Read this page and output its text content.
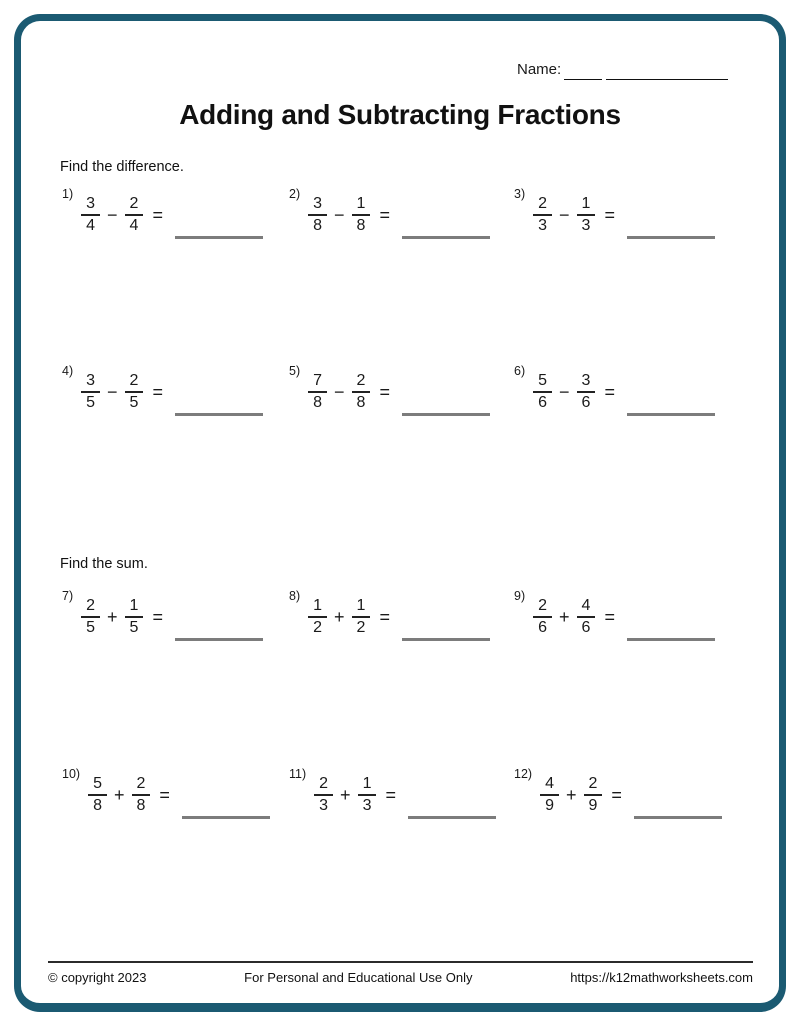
Name:
Adding and Subtracting Fractions
Find the difference.
1)
$\frac{3}{4} - \frac{2}{4}$ =
2)
$\frac{3}{8} - \frac{1}{8}$ =
3)
$\frac{2}{3} - \frac{1}{3}$ =
4)
$\frac{3}{5} - \frac{2}{5}$ =
5)
$\frac{7}{8} - \frac{2}{8}$ =
6)
$\frac{5}{6} - \frac{3}{6}$ =
Find the sum.
7)
$\frac{2}{5} + \frac{1}{5}$ =
8)
$\frac{1}{2} + \frac{1}{2}$ =
9)
$\frac{2}{6} + \frac{4}{6}$ =
10)
$\frac{5}{8} + \frac{2}{8}$ =
11)
$\frac{2}{3} + \frac{1}{3}$ =
12)
$\frac{4}{9} + \frac{2}{9}$ =
© copyright 2023	For Personal and Educational Use Only	https://k12mathworksheets.com
